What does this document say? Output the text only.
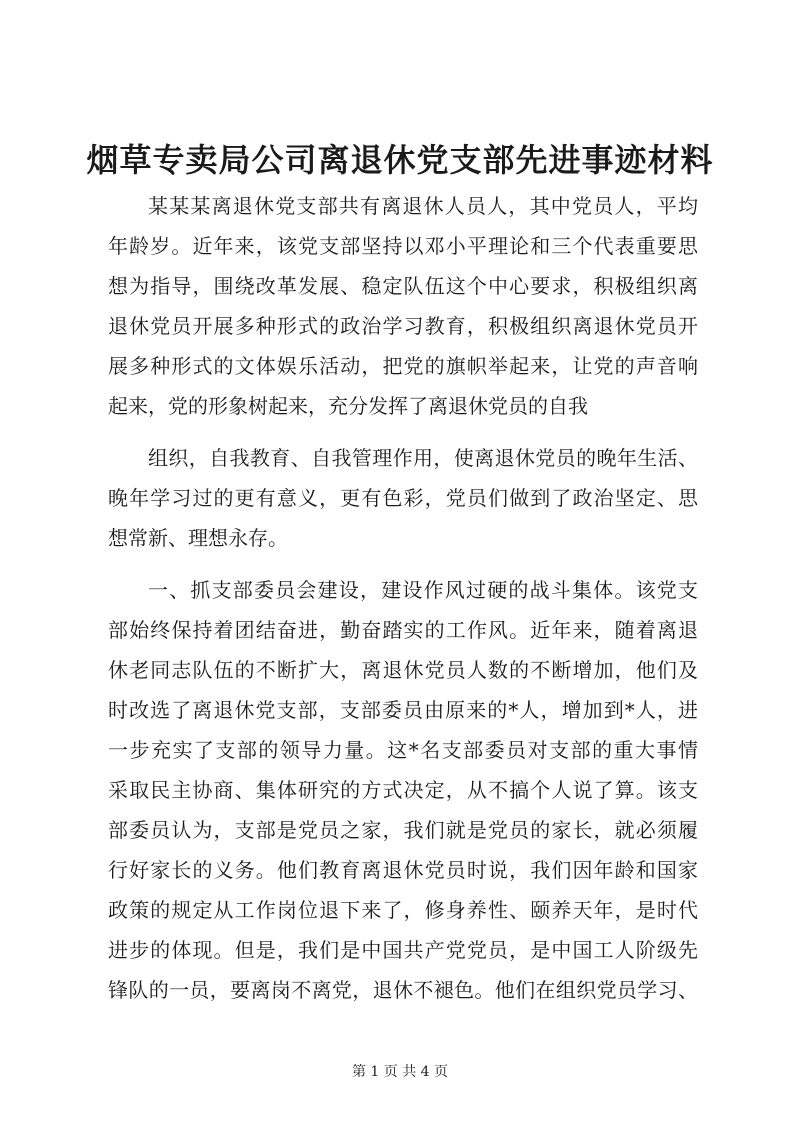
烟草专卖局公司离退休党支部先进事迹材料
某某某离退休党支部共有离退休人员人，其中党员人，平均
年龄岁。近年来，该党支部坚持以邓小平理论和三个代表重要思
想为指导，围绕改革发展、稳定队伍这个中心要求，积极组织离
退休党员开展多种形式的政治学习教育，积极组织离退休党员开
展多种形式的文体娱乐活动，把党的旗帜举起来，让党的声音响
起来，党的形象树起来，充分发挥了离退休党员的自我
组织，自我教育、自我管理作用，使离退休党员的晚年生活、
晚年学习过的更有意义，更有色彩，党员们做到了政治坚定、思
想常新、理想永存。
一、抓支部委员会建设，建设作风过硬的战斗集体。该党支
部始终保持着团结奋进，勤奋踏实的工作风。近年来，随着离退
休老同志队伍的不断扩大，离退休党员人数的不断增加，他们及
时改选了离退休党支部，支部委员由原来的*人，增加到*人，进
一步充实了支部的领导力量。这*名支部委员对支部的重大事情
采取民主协商、集体研究的方式决定，从不搞个人说了算。该支
部委员认为，支部是党员之家，我们就是党员的家长，就必须履
行好家长的义务。他们教育离退休党员时说，我们因年龄和国家
政策的规定从工作岗位退下来了，修身养性、颐养天年，是时代
进步的体现。但是，我们是中国共产党党员，是中国工人阶级先
锋队的一员，要离岗不离党，退休不褪色。他们在组织党员学习、
第 1 页 共 4 页
